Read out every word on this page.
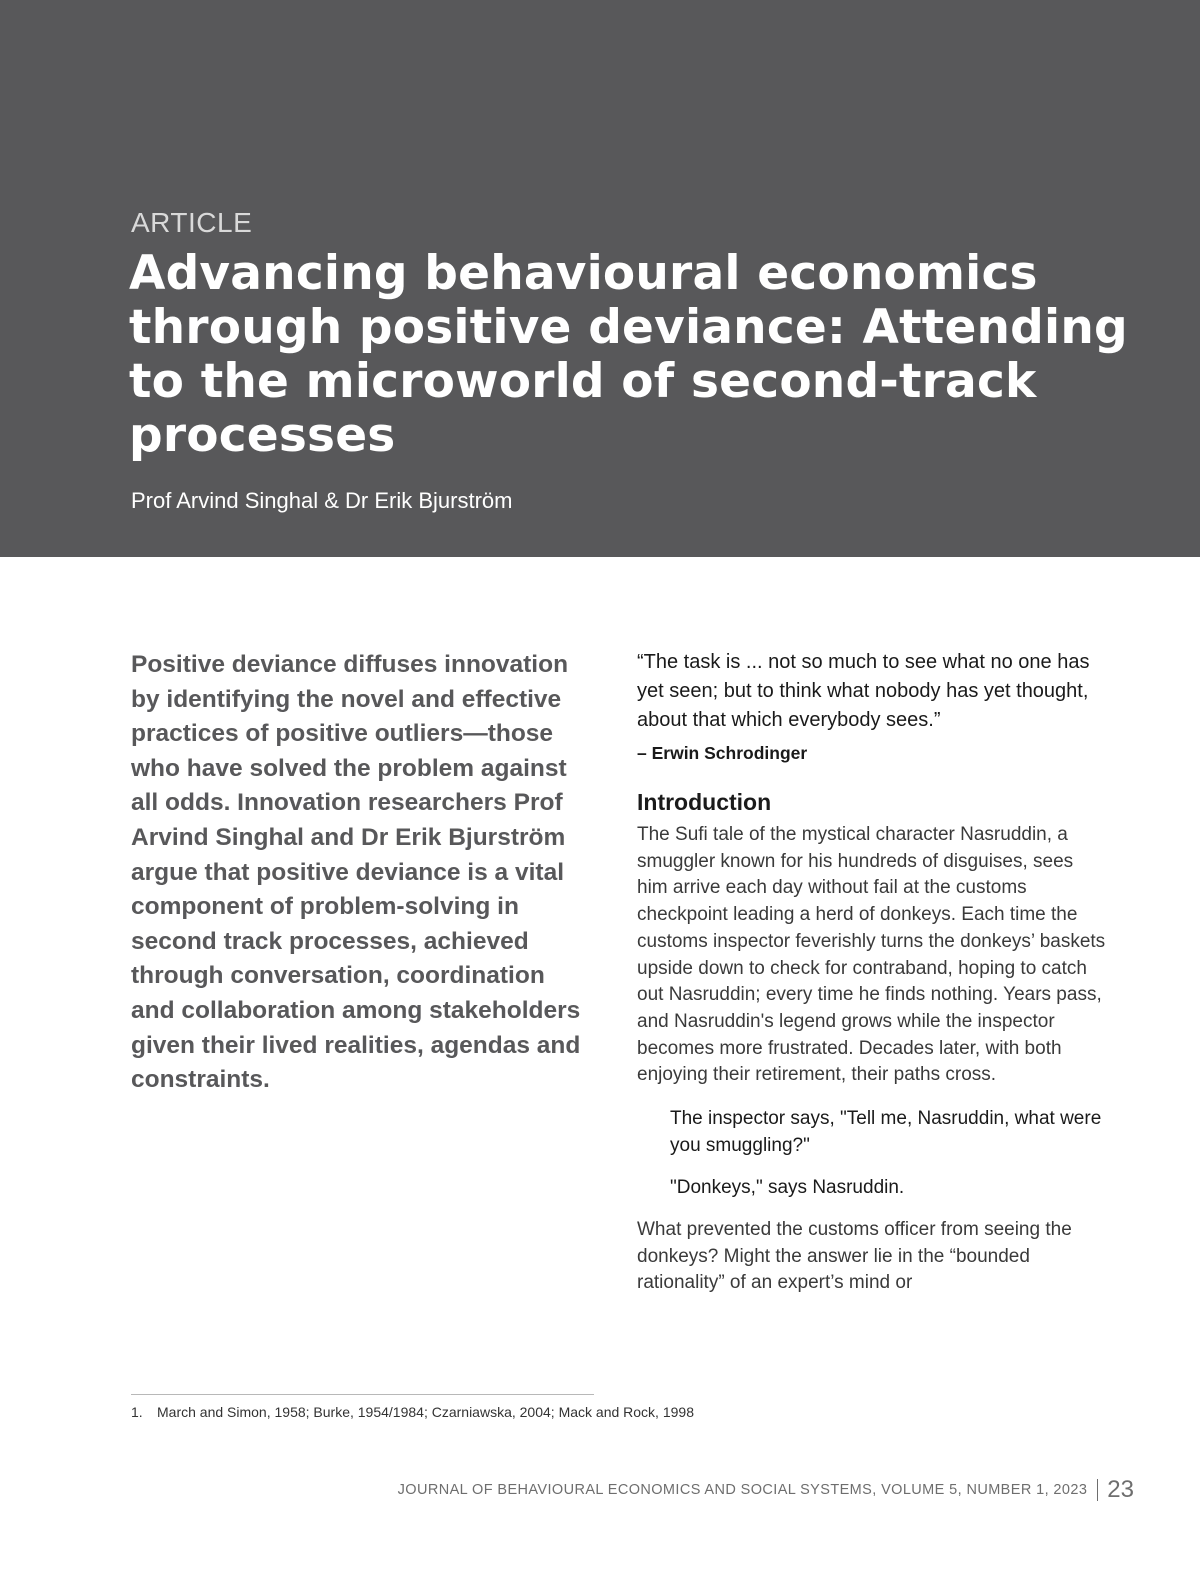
ARTICLE
Advancing behavioural economics through positive deviance: Attending to the microworld of second-track processes
Prof Arvind Singhal & Dr Erik Bjurström

Positive deviance diffuses innovation by identifying the novel and effective practices of positive outliers—those who have solved the problem against all odds. Innovation researchers Prof Arvind Singhal and Dr Erik Bjurström argue that positive deviance is a vital component of problem-solving in second track processes, achieved through conversation, coordination and collaboration among stakeholders given their lived realities, agendas and constraints.

“The task is ... not so much to see what no one has yet seen; but to think what nobody has yet thought, about that which everybody sees.”

– Erwin Schrodinger

Introduction

The Sufi tale of the mystical character Nasruddin, a smuggler known for his hundreds of disguises, sees him arrive each day without fail at the customs checkpoint leading a herd of donkeys. Each time the customs inspector feverishly turns the donkeys’ baskets upside down to check for contraband, hoping to catch out Nasruddin; every time he finds nothing. Years pass, and Nasruddin's legend grows while the inspector becomes more frustrated. Decades later, with both enjoying their retirement, their paths cross.

The inspector says, "Tell me, Nasruddin, what were you smuggling?"

"Donkeys," says Nasruddin.

What prevented the customs officer from seeing the donkeys? Might the answer lie in the “bounded rationality” of an expert’s mind or

1. March and Simon, 1958; Burke, 1954/1984; Czarniawska, 2004; Mack and Rock, 1998
JOURNAL OF BEHAVIOURAL ECONOMICS AND SOCIAL SYSTEMS, VOLUME 5, NUMBER 1, 2023 23
